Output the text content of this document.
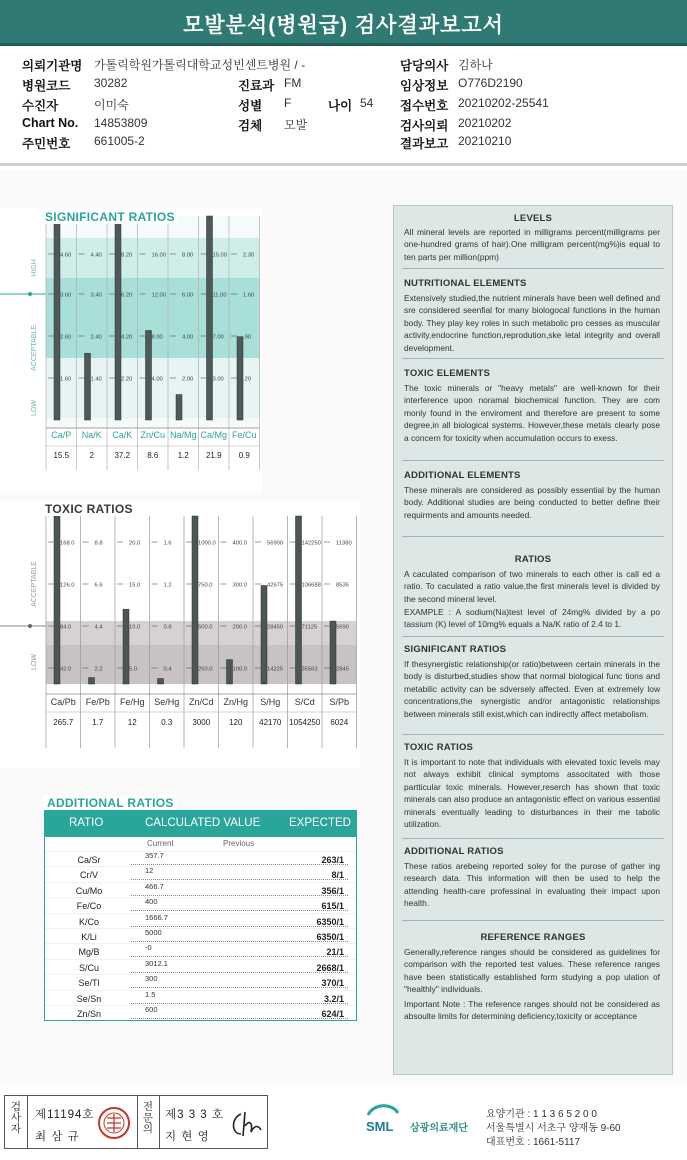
모발분석(병원급) 검사결과보고서
의뢰기관명 가톨릭학원가톨릭대학교성빈센트병원 / -
병원코드 30282
수진자	이미숙
Chart No. 14853809
주민번호 661005-2
진료과 FM
성별 F	나이 54
검체 모발
담당의사 김하나
임상정보 O776D2190
접수번호 20210202-25541
검사의뢰 20210202
결과보고 20210210
HIGH
ACCEPTABLE
LOW
4.60
3.60
2.60
1.60
Ca/P
15.5
4.40
3.40
2.40
1.40
Na/K
2
8.20
6.20
4.20
2.20
Ca/K
37.2
16.00
12.00
8.00
4.00
Zn/Cu
8.6
8.00
6.00
4.00
2.00
Na/Mg
1.2
15.00
11.00
7.00
3.00
Ca/Mg
21.9
2.30
1.60
.90
.20
Fe/Cu
0.9
SIGNIFICANT RATIOS
ACCEPTABLE
LOW
168.0
126.0
84.0
42.0
Ca/Pb
265.7
8.8
6.6
4.4
2.2
Fe/Pb
1.7
20.0
15.0
10.0
5.0
Fe/Hg
12
1.6
1.2
0.8
0.4
Se/Hg
0.3
1000.0
750.0
500.0
250.0
Zn/Cd
3000
400.0
300.0
200.0
100.0
Zn/Hg
120
56900
42675
28450
14225
S/Hg
42170
142250
106688
71125
35563
S/Cd
1054250
11380
8535
5690
2845
S/Pb
6024
TOXIC RATIOS
ADDITIONAL RATIOS
RATIO	CALCULATED VALUE	EXPECTED
Current	Previous
Ca/Sr	357.7	263/1
Cr/V	12	8/1
Cu/Mo	466.7	356/1
Fe/Co	400	615/1
K/Co	1666.7	6350/1
K/Li	5000	6350/1
Mg/B	-0	21/1
S/Cu	3012.1	2668/1
Se/Tl	300	370/1
Se/Sn	1.5	3.2/1
Zn/Sn	600	624/1
LEVELS
All mineral levels are reported in milligrams percent(milligrams per one-hundred grams of hair).One milligram percent(mg%)is equal to ten parts per million(ppm)
NUTRITIONAL ELEMENTS
Extensively studied,the nutrient minerals have been well defined and sre considered seenfial for many biologocal functions in the human body. They play key roles in such metabolic pro cesses as muscular activity,endocrine function,reprodution,ske letal integrity and overall development.
TOXIC ELEMENTS
The toxic minerals or "heavy metals" are well-known for their interference upon noramal biochemical function. They are com monly found in the enviroment and therefore are present to some degree,in all biological systems. However,these metals clearly pose a concern for toxicity when accumulation occurs to exess.
ADDITIONAL ELEMENTS
These minerals are considered as possibly essential by the human body. Additional studies are being conducted to better define their requirments and amounts needed.
RATIOS
A caculated comparison of two minerals to each other is call ed a ratio. To caculated a ratio value,the first minerals level is divided by the second mineral level.
EXAMPLE : A sodium(Na)test level of 24mg% divided by a po tassium (K) level of 10mg% equals a Na/K ratio of 2.4 to 1.
SIGNIFICANT RATIOS
If thesynergistic relationship(or ratio)between certain minerals in the body is disturbed,studies show that normal biological func tions and metabilic activity can be sdversely affected. Even at extremely low concentrations,the synergistic and/or antagonistic relationships between minerals still exist,which can indirectly affect metabolism.
TOXIC RATIOS
It is important to note that individuals with elevated toxic levels may not always exhibit clinical symptoms associtated with those partticular toxic minerals. However,reserch has shown that toxic minerals can also produce an antagonistic effect on various essential minerals eventually leading to disturbances in their me tabolic utilization.
ADDITIONAL RATIOS
These ratios arebeing reported soley for the purose of gather ing research data. This information will then be used to help the attending health-care professinal in evaluating their impact upon health.
REFERENCE RANGES
Generally,reference ranges should be considered as guidelines for comparison with the reported test values. These reference ranges have been statistically established form studying a pop ulation of "healthly" individuals.
Important Note : The reference ranges should not be considered as absoulte limits for determining deficiency,toxicity or acceptance
검사자
제11194호
최 삼 규
전문의
제3 3 3 호
지 현 영
SML 삼광의료재단
요양기관 : 1 1 3 6 5 2 0 0
서울특별시 서초구 양재동 9-60
대표번호 : 1661-5117
